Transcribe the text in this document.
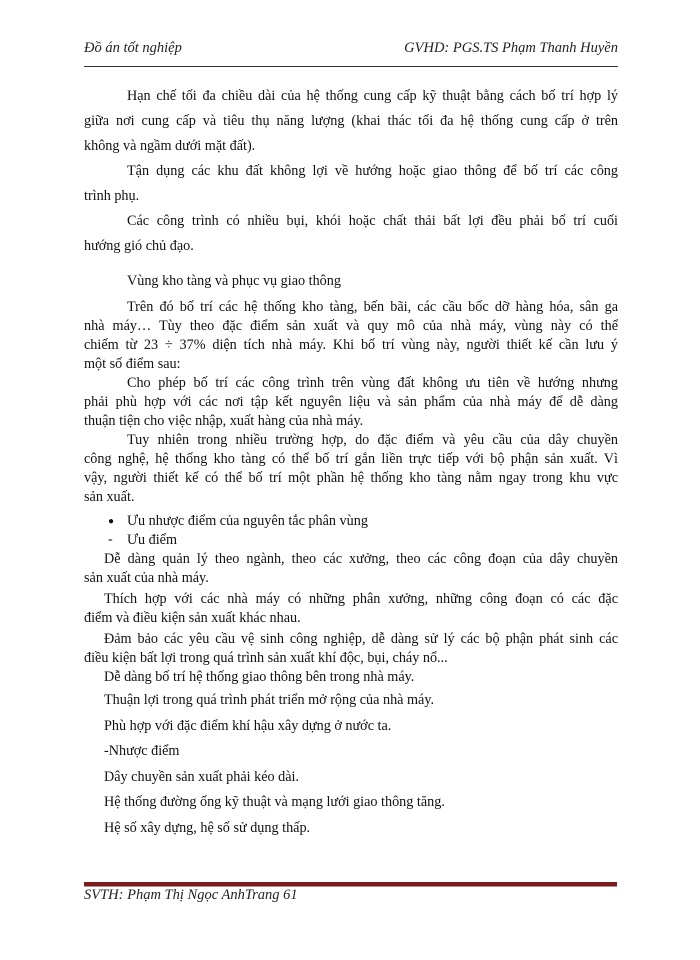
Đồ án tốt nghiệp	GVHD: PGS.TS Phạm Thanh Huyền
Hạn chế tối đa chiều dài của hệ thống cung cấp kỹ thuật bằng cách bố trí hợp lý
giữa nơi cung cấp và tiêu thụ năng lượng (khai thác tối đa hệ thống cung cấp ở trên
không và ngầm dưới mặt đất).
Tận dụng các khu đất không lợi về hướng hoặc giao thông để bố trí các công
trình phụ.
Các công trình có nhiều bụi, khói hoặc chất thải bất lợi đều phải bố trí cuối
hướng gió chủ đạo.
Vùng kho tàng và phục vụ giao thông
Trên đó bố trí các hệ thống kho tàng, bến bãi, các cầu bốc dỡ hàng hóa, sân ga
nhà máy… Tùy theo đặc điểm sản xuất và quy mô của nhà máy, vùng này có thể
chiếm từ 23 ÷ 37% diện tích nhà máy. Khi bố trí vùng này, người thiết kế cần lưu ý
một số điểm sau:
Cho phép bố trí các công trình trên vùng đất không ưu tiên về hướng nhưng
phải phù hợp với các nơi tập kết nguyên liệu và sản phẩm của nhà máy để dễ dàng
thuận tiện cho việc nhập, xuất hàng của nhà máy.
Tuy nhiên trong nhiều trường hợp, do đặc điểm và yêu cầu của dây chuyền
công nghệ, hệ thống kho tàng có thể bố trí gắn liền trực tiếp với bộ phận sản xuất. Vì
vậy, người thiết kế có thể bố trí một phần hệ thống kho tàng nằm ngay trong khu vực
sản xuất.
● Ưu nhược điểm của nguyên tắc phân vùng
- Ưu điểm
Dễ dàng quản lý theo ngành, theo các xưởng, theo các công đoạn của dây chuyền
sản xuất của nhà máy.
Thích hợp với các nhà máy có những phân xưởng, những công đoạn có các đặc
điểm và điều kiện sản xuất khác nhau.
Đảm bảo các yêu cầu vệ sinh công nghiệp, dễ dàng sử lý các bộ phận phát sinh các
điều kiện bất lợi trong quá trình sản xuất khí độc, bụi, cháy nổ...
Dễ dàng bố trí hệ thống giao thông bên trong nhà máy.
Thuận lợi trong quá trình phát triển mở rộng của nhà máy.
Phù hợp với đặc điểm khí hậu xây dựng ở nước ta.
-Nhược điểm
Dây chuyền sản xuất phải kéo dài.
Hệ thống đường ống kỹ thuật và mạng lưới giao thông tăng.
Hệ số xây dựng, hệ số sử dụng thấp.
SVTH: Phạm Thị Ngọc AnhTrang 61
